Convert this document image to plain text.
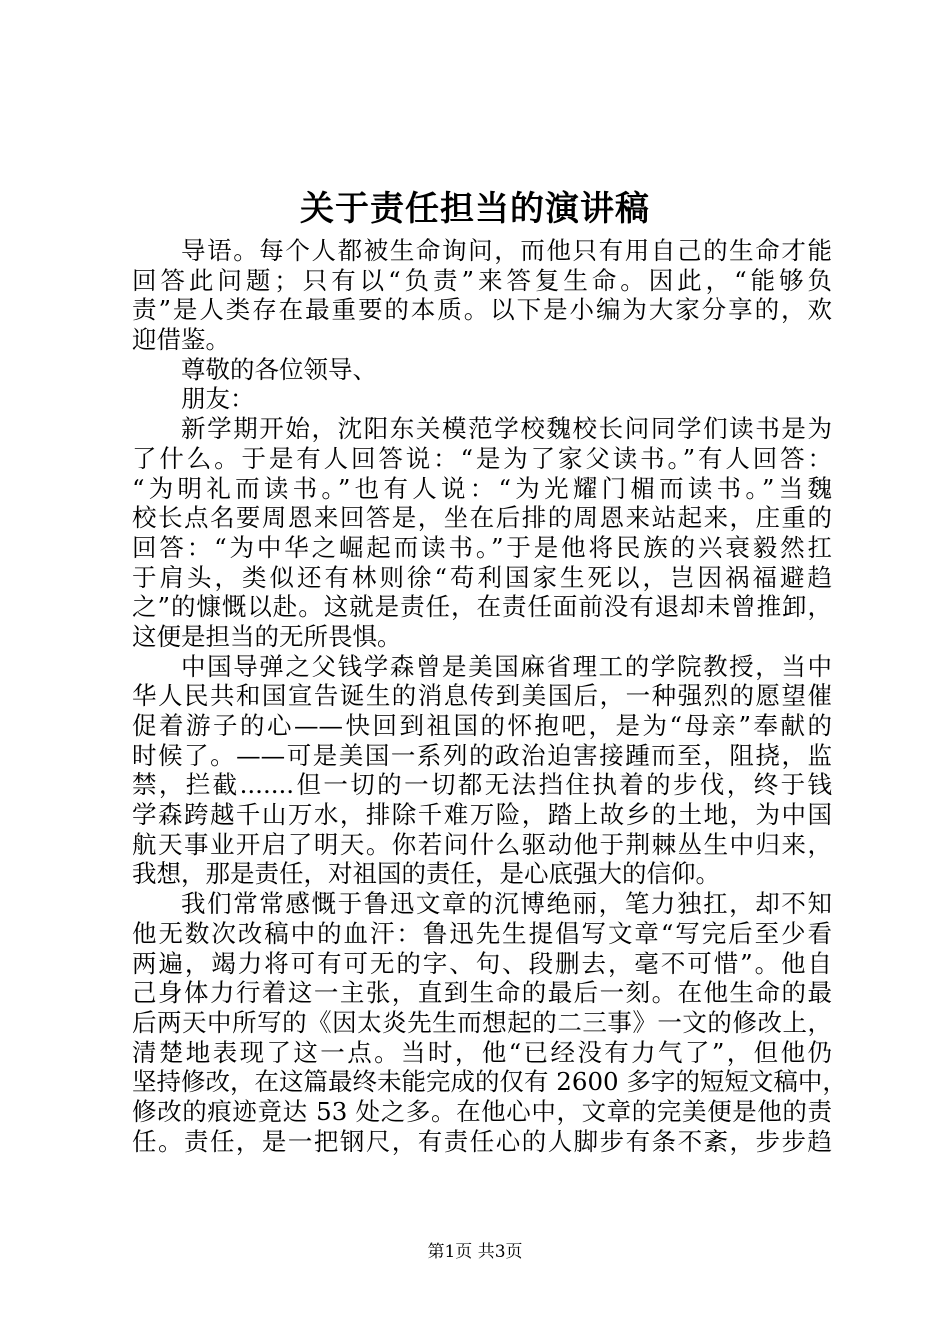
关于责任担当的演讲稿

导语。每个人都被生命询问，而他只有用自己的生命才能

回答此问题；只有以“负责”来答复生命。因此，“能够负

责”是人类存在最重要的本质。以下是小编为大家分享的，欢

迎借鉴。

尊敬的各位领导、

朋友：

新学期开始，沈阳东关模范学校魏校长问同学们读书是为

了什么。于是有人回答说：“是为了家父读书。”有人回答：

“为明礼而读书。”也有人说：“为光耀门楣而读书。”当魏

校长点名要周恩来回答是，坐在后排的周恩来站起来，庄重的

回答：“为中华之崛起而读书。”于是他将民族的兴衰毅然扛

于肩头，类似还有林则徐“苟利国家生死以，岂因祸福避趋

之”的慷慨以赴。这就是责任，在责任面前没有退却未曾推卸，

这便是担当的无所畏惧。

中国导弹之父钱学森曾是美国麻省理工的学院教授，当中

华人民共和国宣告诞生的消息传到美国后，一种强烈的愿望催

促着游子的心——快回到祖国的怀抱吧，是为“母亲”奉献的

时候了。——可是美国一系列的政治迫害接踵而至，阻挠，监

禁，拦截.......但一切的一切都无法挡住执着的步伐，终于钱

学森跨越千山万水，排除千难万险，踏上故乡的土地，为中国

航天事业开启了明天。你若问什么驱动他于荆棘丛生中归来，

我想，那是责任，对祖国的责任，是心底强大的信仰。

我们常常感慨于鲁迅文章的沉博绝丽，笔力独扛，却不知

他无数次改稿中的血汗：鲁迅先生提倡写文章“写完后至少看

两遍，竭力将可有可无的字、句、段删去，毫不可惜”。他自

己身体力行着这一主张，直到生命的最后一刻。在他生命的最

后两天中所写的《因太炎先生而想起的二三事》一文的修改上，

清楚地表现了这一点。当时，他“已经没有力气了”，但他仍

坚持修改，在这篇最终未能完成的仅有 2600 多字的短短文稿中，

修改的痕迹竟达 53 处之多。在他心中，文章的完美便是他的责

任。责任，是一把钢尺，有责任心的人脚步有条不紊，步步趋

第1页 共3页
